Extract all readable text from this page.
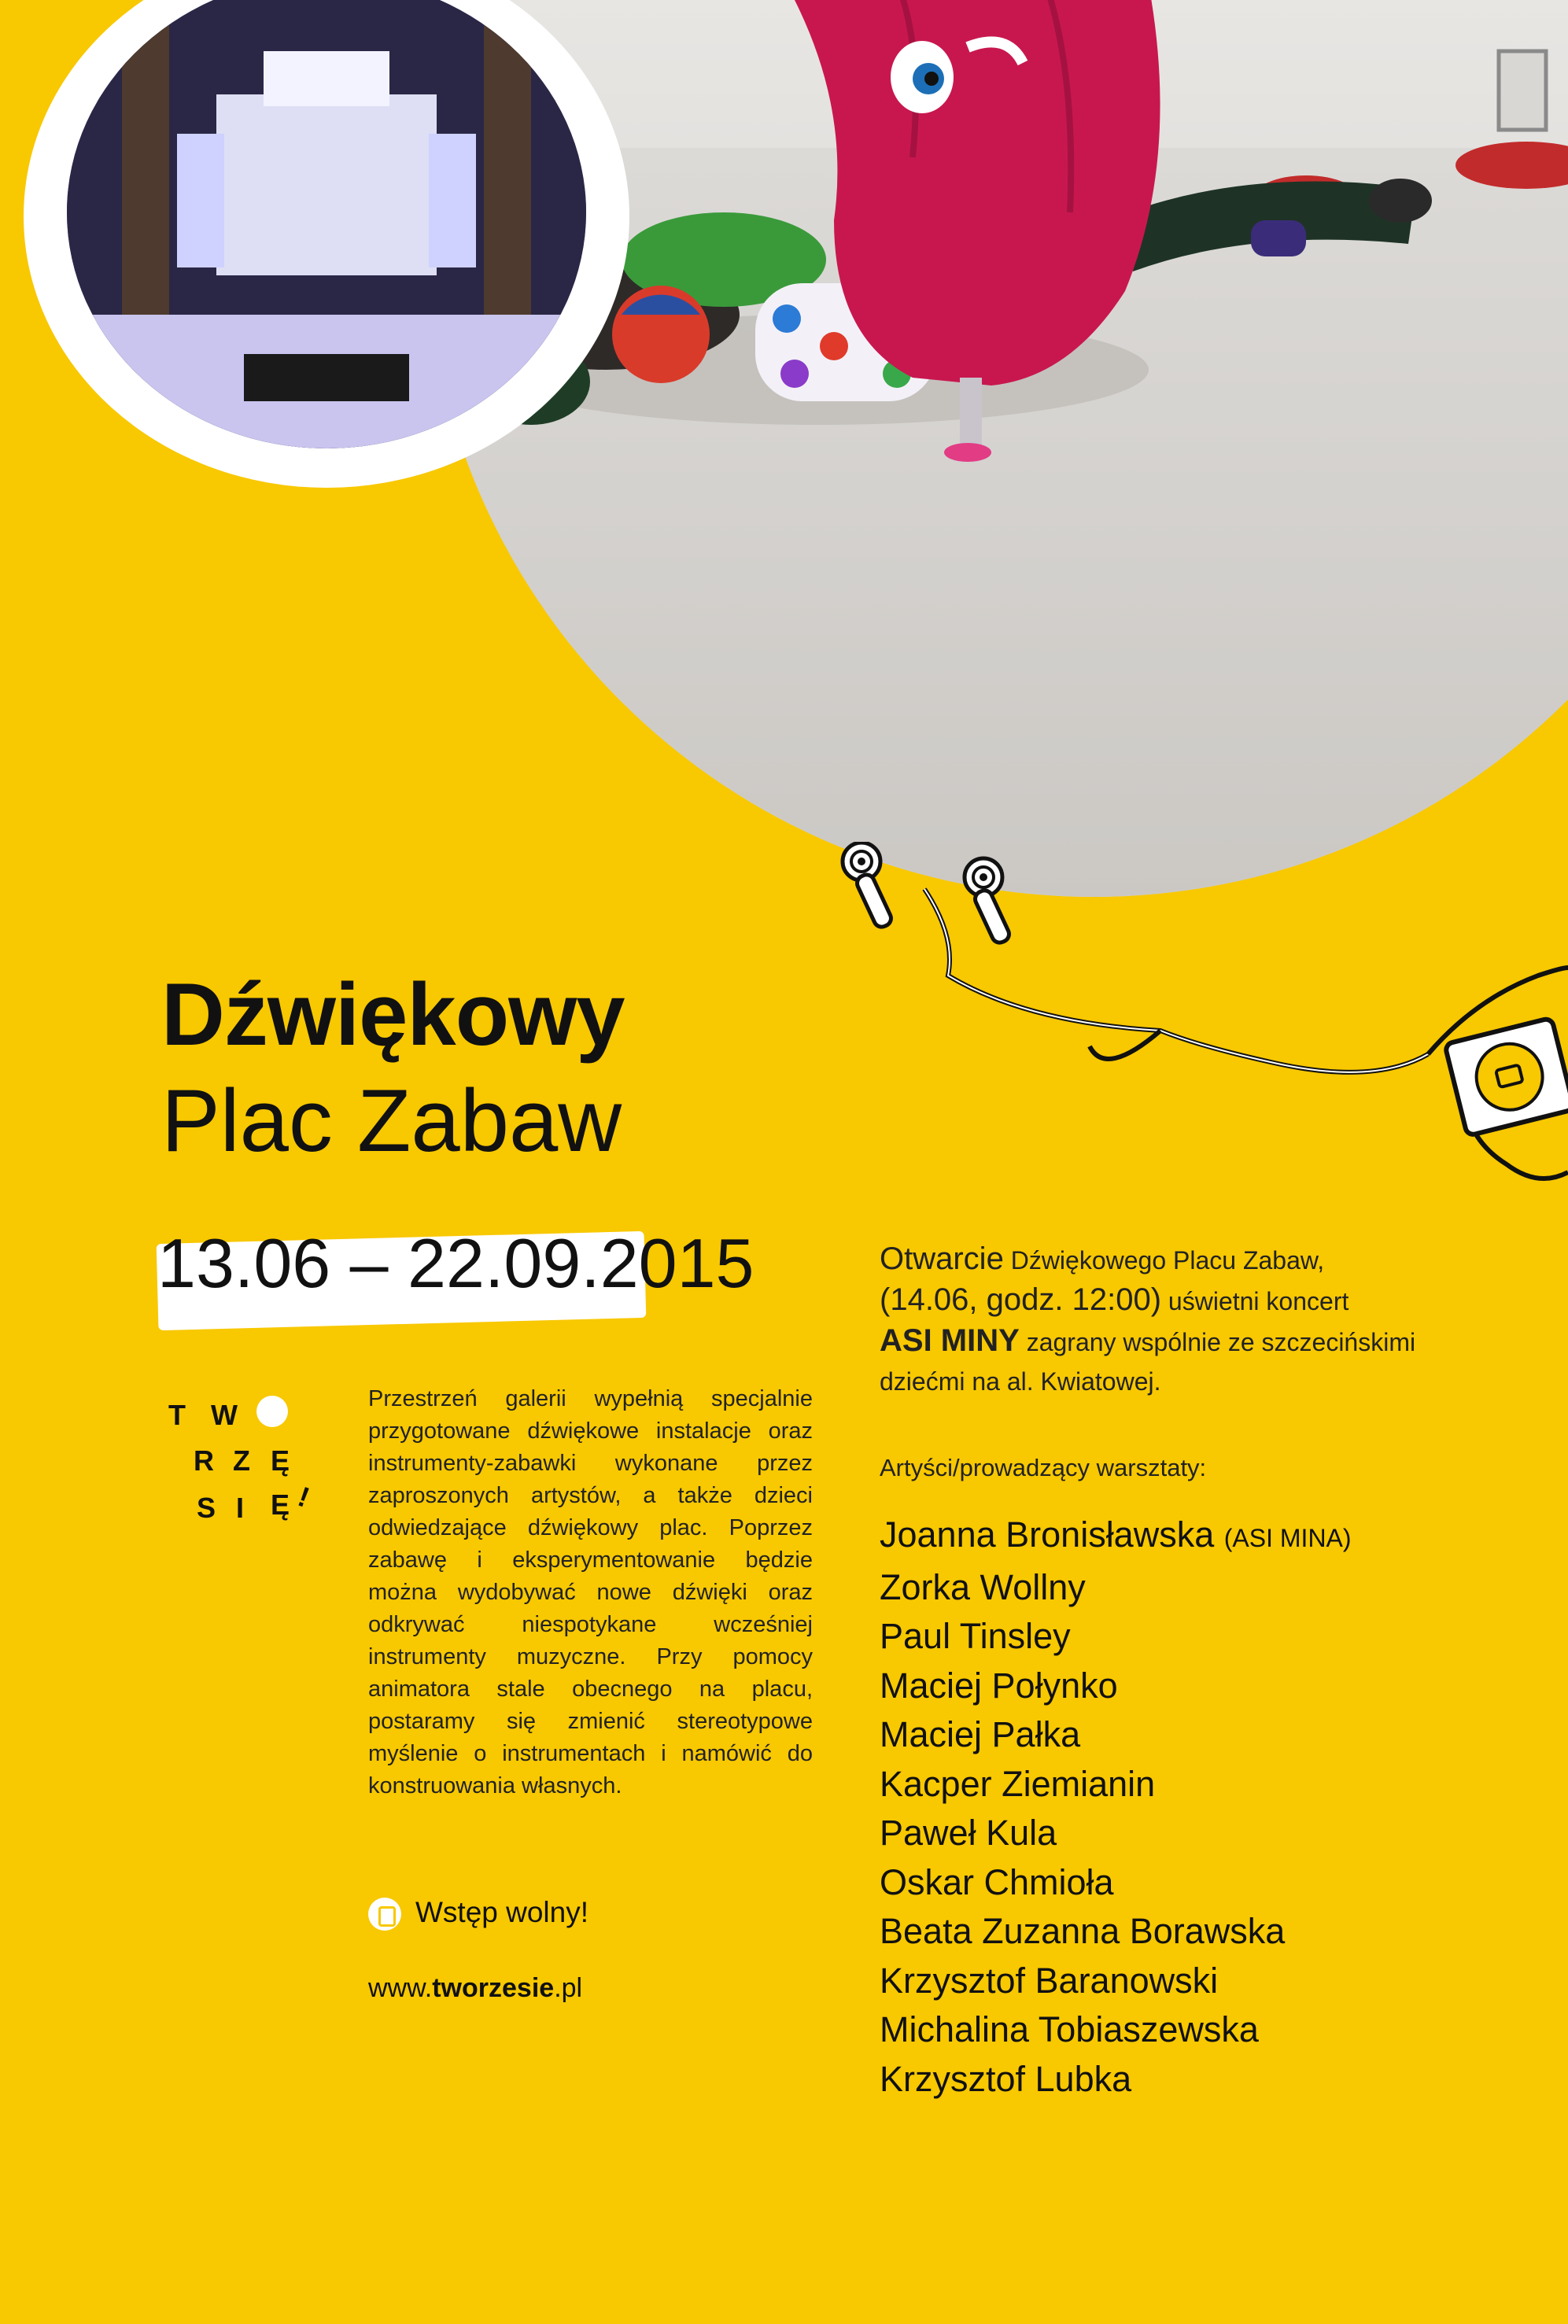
Dźwiękowy
Plac Zabaw
13.06 – 22.09.2015
T W
R Z Ę
S I Ę !
Przestrzeń galerii wypełnią specjalnie przygotowane dźwiękowe instalacje oraz instrumenty-zabawki wykonane przez zaproszonych artystów, a także dzieci odwiedzające dźwiękowy plac. Poprzez zabawę i eksperymentowanie będzie można wydobywać nowe dźwięki oraz odkrywać niespotykane wcześniej instrumenty muzyczne. Przy pomocy animatora stale obecnego na placu, postaramy się zmienić stereotypowe myślenie o instrumentach i namówić do konstruowania własnych.
Wstęp wolny!
www.tworzesie.pl
Otwarcie Dźwiękowego Placu Zabaw,
(14.06, godz. 12:00) uświetni koncert
ASI MINY zagrany wspólnie ze szczecińskimi dziećmi na al. Kwiatowej.
Artyści/prowadzący warsztaty:
Joanna Bronisławska (ASI MINA)
Zorka Wollny
Paul Tinsley
Maciej Połynko
Maciej Pałka
Kacper Ziemianin
Paweł Kula
Oskar Chmioła
Beata Zuzanna Borawska
Krzysztof Baranowski
Michalina Tobiaszewska
Krzysztof Lubka
